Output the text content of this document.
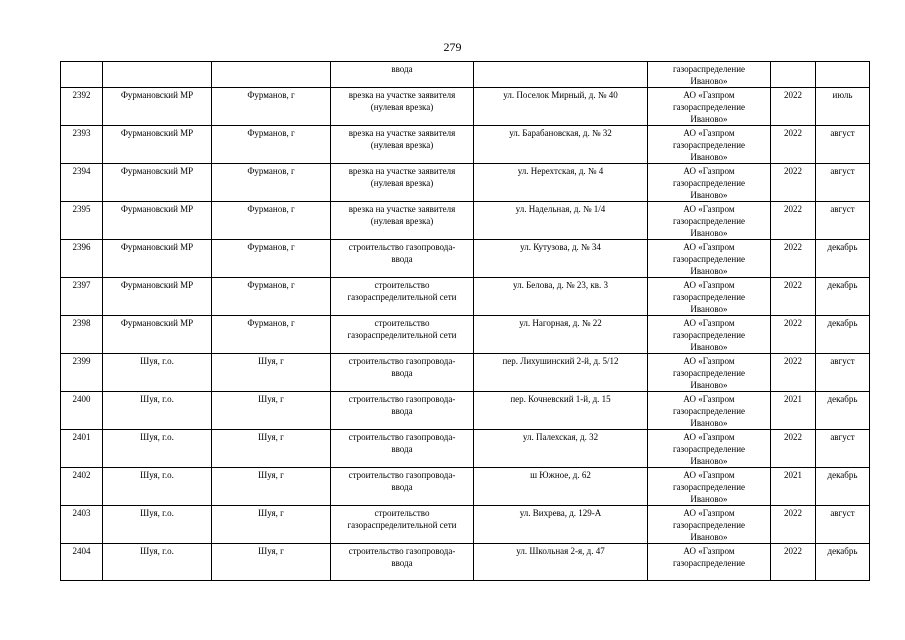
279

			ввода		газораспределение
Иваново»		

2392	Фурмановский МР	Фурманов, г	врезка на участке заявителя
(нулевая врезка)	ул. Поселок Мирный, д. № 40	АО «Газпром
газораспределение
Иваново»	2022	июль

2393	Фурмановский МР	Фурманов, г	врезка на участке заявителя
(нулевая врезка)	ул. Барабановская, д. № 32	АО «Газпром
газораспределение
Иваново»	2022	август

2394	Фурмановский МР	Фурманов, г	врезка на участке заявителя
(нулевая врезка)	ул. Нерехтская, д. № 4	АО «Газпром
газораспределение
Иваново»	2022	август

2395	Фурмановский МР	Фурманов, г	врезка на участке заявителя
(нулевая врезка)	ул. Надельная, д. № 1/4	АО «Газпром
газораспределение
Иваново»	2022	август

2396	Фурмановский МР	Фурманов, г	строительство газопровода-
ввода	ул. Кутузова, д. № 34	АО «Газпром
газораспределение
Иваново»	2022	декабрь

2397	Фурмановский МР	Фурманов, г	строительство
газораспределительной сети	ул. Белова, д. № 23, кв. 3	АО «Газпром
газораспределение
Иваново»	2022	декабрь

2398	Фурмановский МР	Фурманов, г	строительство
газораспределительной сети	ул. Нагорная, д. № 22	АО «Газпром
газораспределение
Иваново»	2022	декабрь

2399	Шуя, г.о.	Шуя, г	строительство газопровода-
ввода	пер. Лихушинский 2-й, д. 5/12	АО «Газпром
газораспределение
Иваново»	2022	август

2400	Шуя, г.о.	Шуя, г	строительство газопровода-
ввода	пер. Кочневский 1-й, д. 15	АО «Газпром
газораспределение
Иваново»	2021	декабрь

2401	Шуя, г.о.	Шуя, г	строительство газопровода-
ввода	ул. Палехская, д. 32	АО «Газпром
газораспределение
Иваново»	2022	август

2402	Шуя, г.о.	Шуя, г	строительство газопровода-
ввода	ш Южное, д. 62	АО «Газпром
газораспределение
Иваново»	2021	декабрь

2403	Шуя, г.о.	Шуя, г	строительство
газораспределительной сети	ул. Вихрева, д. 129-А	АО «Газпром
газораспределение
Иваново»	2022	август

2404	Шуя, г.о.	Шуя, г	строительство газопровода-
ввода	ул. Школьная 2-я, д. 47	АО «Газпром
газораспределение	2022	декабрь
